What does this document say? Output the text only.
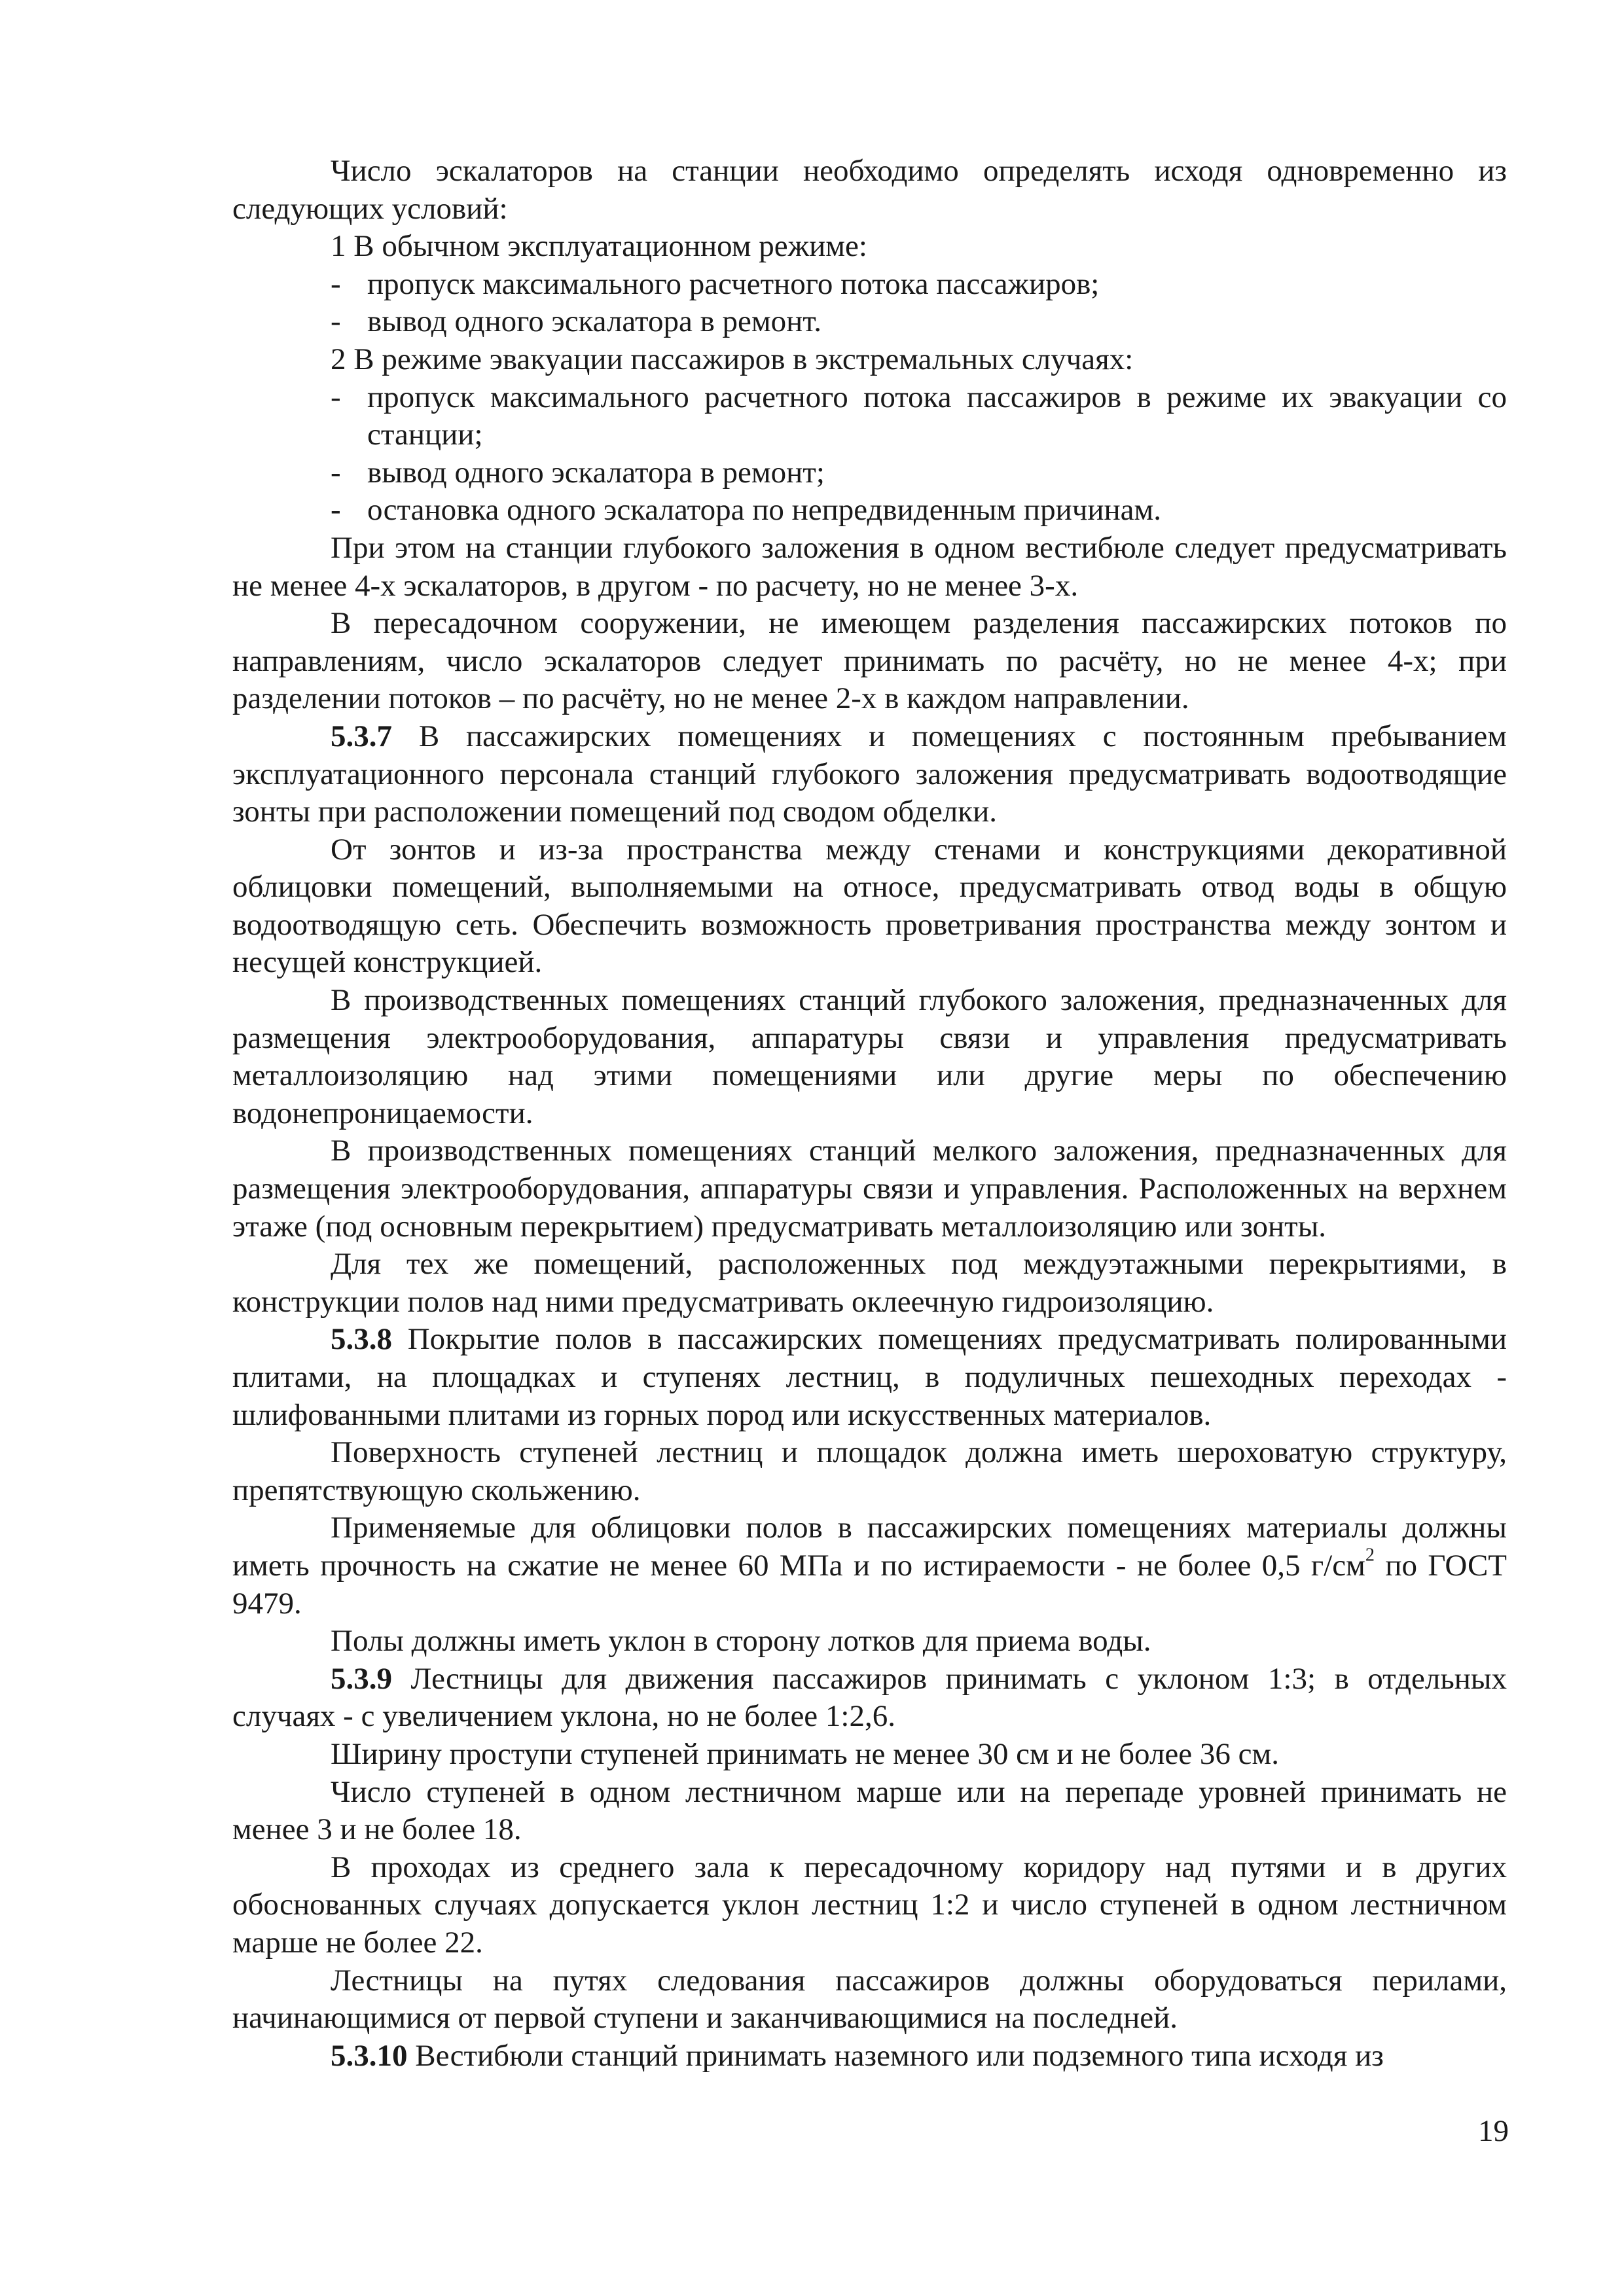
Число эскалаторов на станции необходимо определять исходя одновременно из следующих условий:

1 В обычном эксплуатационном режиме:

- пропуск максимального расчетного потока пассажиров;

- вывод одного эскалатора в ремонт.

2 В режиме эвакуации пассажиров в экстремальных случаях:

- пропуск максимального расчетного потока пассажиров в режиме их эвакуации со станции;

- вывод одного эскалатора в ремонт;

- остановка одного эскалатора по непредвиденным причинам.

При этом на станции глубокого заложения в одном вестибюле следует предусматривать не менее 4-х эскалаторов, в другом - по расчету, но не менее 3-х.

В пересадочном сооружении, не имеющем разделения пассажирских потоков по направлениям, число эскалаторов следует принимать по расчёту, но не менее 4-х; при разделении потоков – по расчёту, но не менее 2-х в каждом направлении.

5.3.7 В пассажирских помещениях и помещениях с постоянным пребыванием эксплуатационного персонала станций глубокого заложения предусматривать водоотводящие зонты при расположении помещений под сводом обделки.

От зонтов и из-за пространства между стенами и конструкциями декоративной облицовки помещений, выполняемыми на относе, предусматривать отвод воды в общую водоотводящую сеть. Обеспечить возможность проветривания пространства между зонтом и несущей конструкцией.

В производственных помещениях станций глубокого заложения, предназначенных для размещения электрооборудования, аппаратуры связи и управления предусматривать металлоизоляцию над этими помещениями или другие меры по обеспечению водонепроницаемости.

В производственных помещениях станций мелкого заложения, предназначенных для размещения электрооборудования, аппаратуры связи и управления. Расположенных на верхнем этаже (под основным перекрытием) предусматривать металлоизоляцию или зонты.

Для тех же помещений, расположенных под междуэтажными перекрытиями, в конструкции полов над ними предусматривать оклеечную гидроизоляцию.

5.3.8 Покрытие полов в пассажирских помещениях предусматривать полированными плитами, на площадках и ступенях лестниц, в подуличных пешеходных переходах - шлифованными плитами из горных пород или искусственных материалов.

Поверхность ступеней лестниц и площадок должна иметь шероховатую структуру, препятствующую скольжению.

Применяемые для облицовки полов в пассажирских помещениях материалы должны иметь прочность на сжатие не менее 60 МПа и по истираемости - не более 0,5 $г/см^2$ по ГОСТ 9479.

Полы должны иметь уклон в сторону лотков для приема воды.

5.3.9 Лестницы для движения пассажиров принимать с уклоном 1:3; в отдельных случаях - с увеличением уклона, но не более 1:2,6.

Ширину проступи ступеней принимать не менее 30 см и не более 36 см.

Число ступеней в одном лестничном марше или на перепаде уровней принимать не менее 3 и не более 18.

В проходах из среднего зала к пересадочному коридору над путями и в других обоснованных случаях допускается уклон лестниц 1:2 и число ступеней в одном лестничном марше не более 22.

Лестницы на путях следования пассажиров должны оборудоваться перилами, начинающимися от первой ступени и заканчивающимися на последней.

5.3.10 Вестибюли станций принимать наземного или подземного типа исходя из

19
